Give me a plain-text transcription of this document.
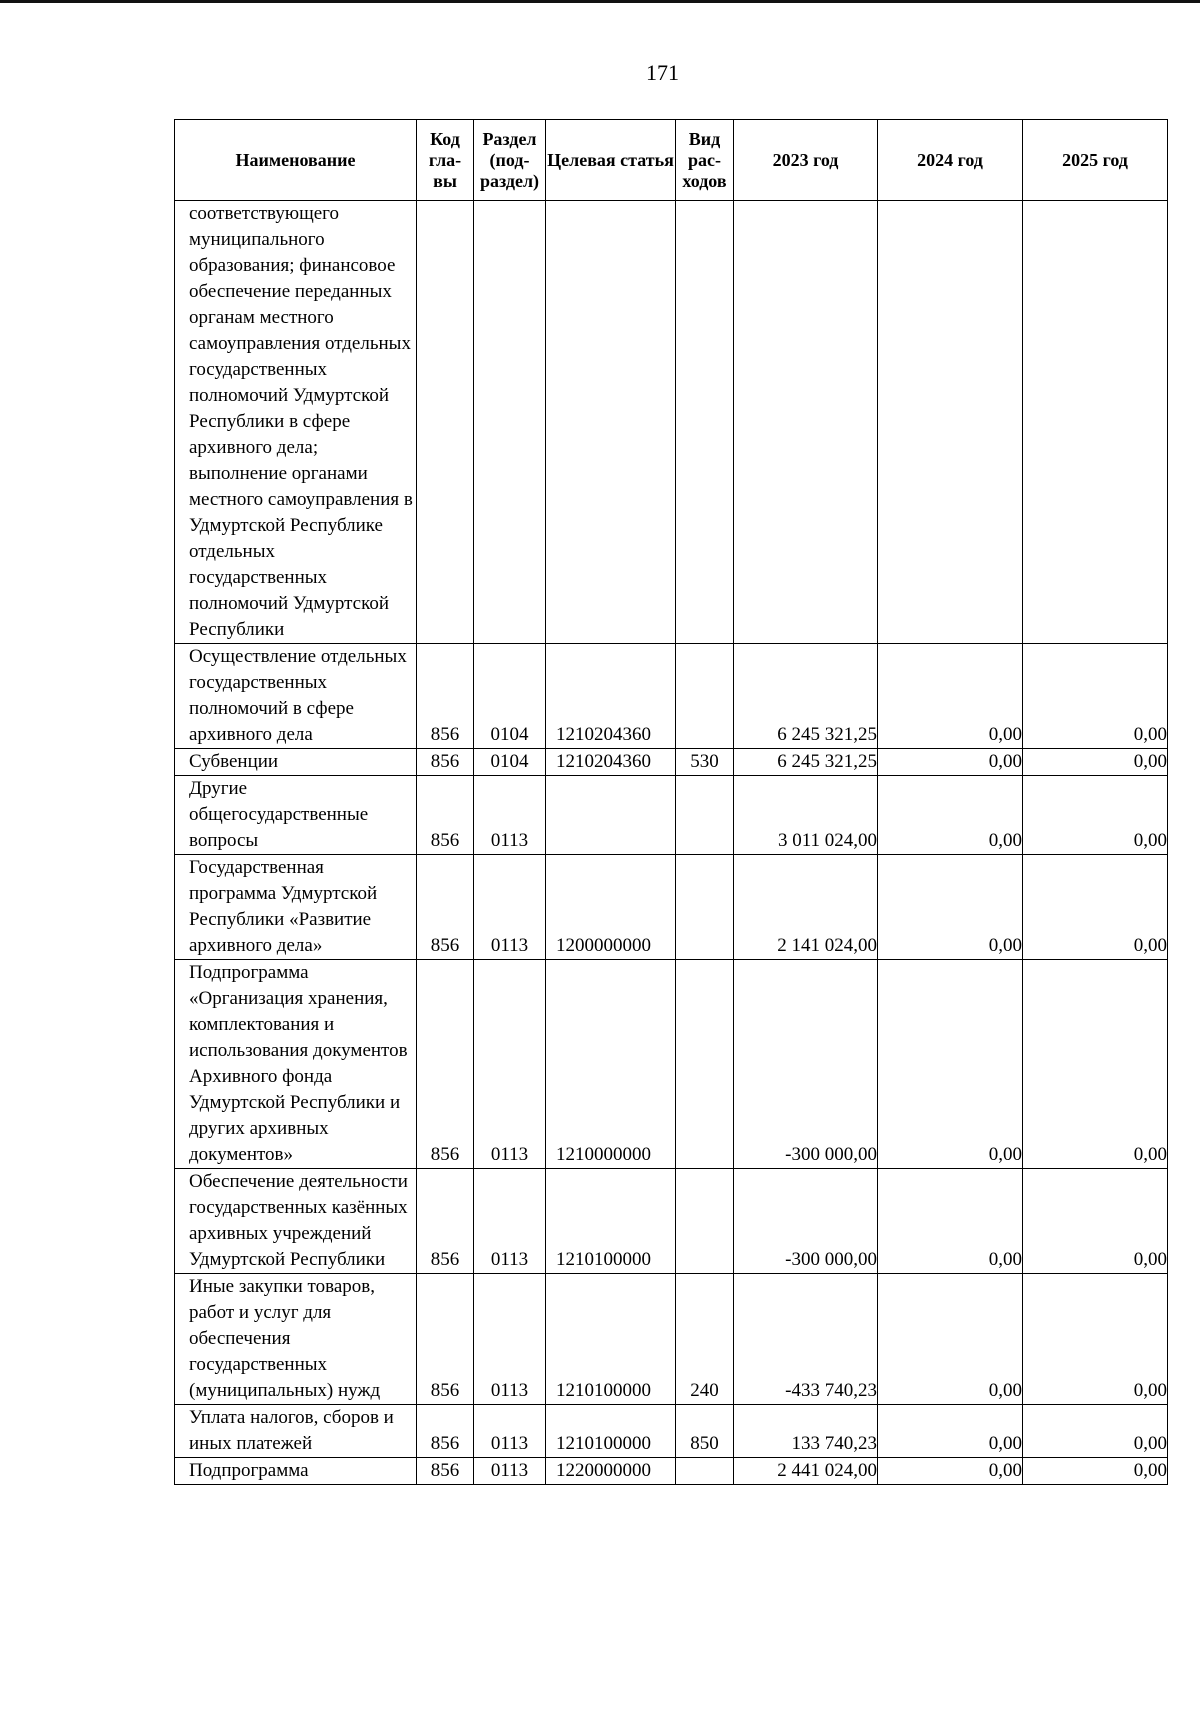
171
Наименование	Код гла-вы	Раздел (под-раздел)	Целевая статья	Вид рас-ходов	2023 год	2024 год	2025 год
соответствующего муниципального образования; финансовое обеспечение переданных органам местного самоуправления отдельных государственных полномочий Удмуртской Республики в сфере архивного дела; выполнение органами местного самоуправления в Удмуртской Республике отдельных государственных полномочий Удмуртской Республики							
Осуществление отдельных государственных полномочий в сфере архивного дела	856	0104	1210204360		6 245 321,25	0,00	0,00
Субвенции	856	0104	1210204360	530	6 245 321,25	0,00	0,00
Другие общегосударственные вопросы	856	0113			3 011 024,00	0,00	0,00
Государственная программа Удмуртской Республики «Развитие архивного дела»	856	0113	1200000000		2 141 024,00	0,00	0,00
Подпрограмма «Организация хранения, комплектования и использования документов Архивного фонда Удмуртской Республики и других архивных документов»	856	0113	1210000000		-300 000,00	0,00	0,00
Обеспечение деятельности государственных казённых архивных учреждений Удмуртской Республики	856	0113	1210100000		-300 000,00	0,00	0,00
Иные закупки товаров, работ и услуг для обеспечения государственных (муниципальных) нужд	856	0113	1210100000	240	-433 740,23	0,00	0,00
Уплата налогов, сборов и иных платежей	856	0113	1210100000	850	133 740,23	0,00	0,00
Подпрограмма	856	0113	1220000000		2 441 024,00	0,00	0,00
